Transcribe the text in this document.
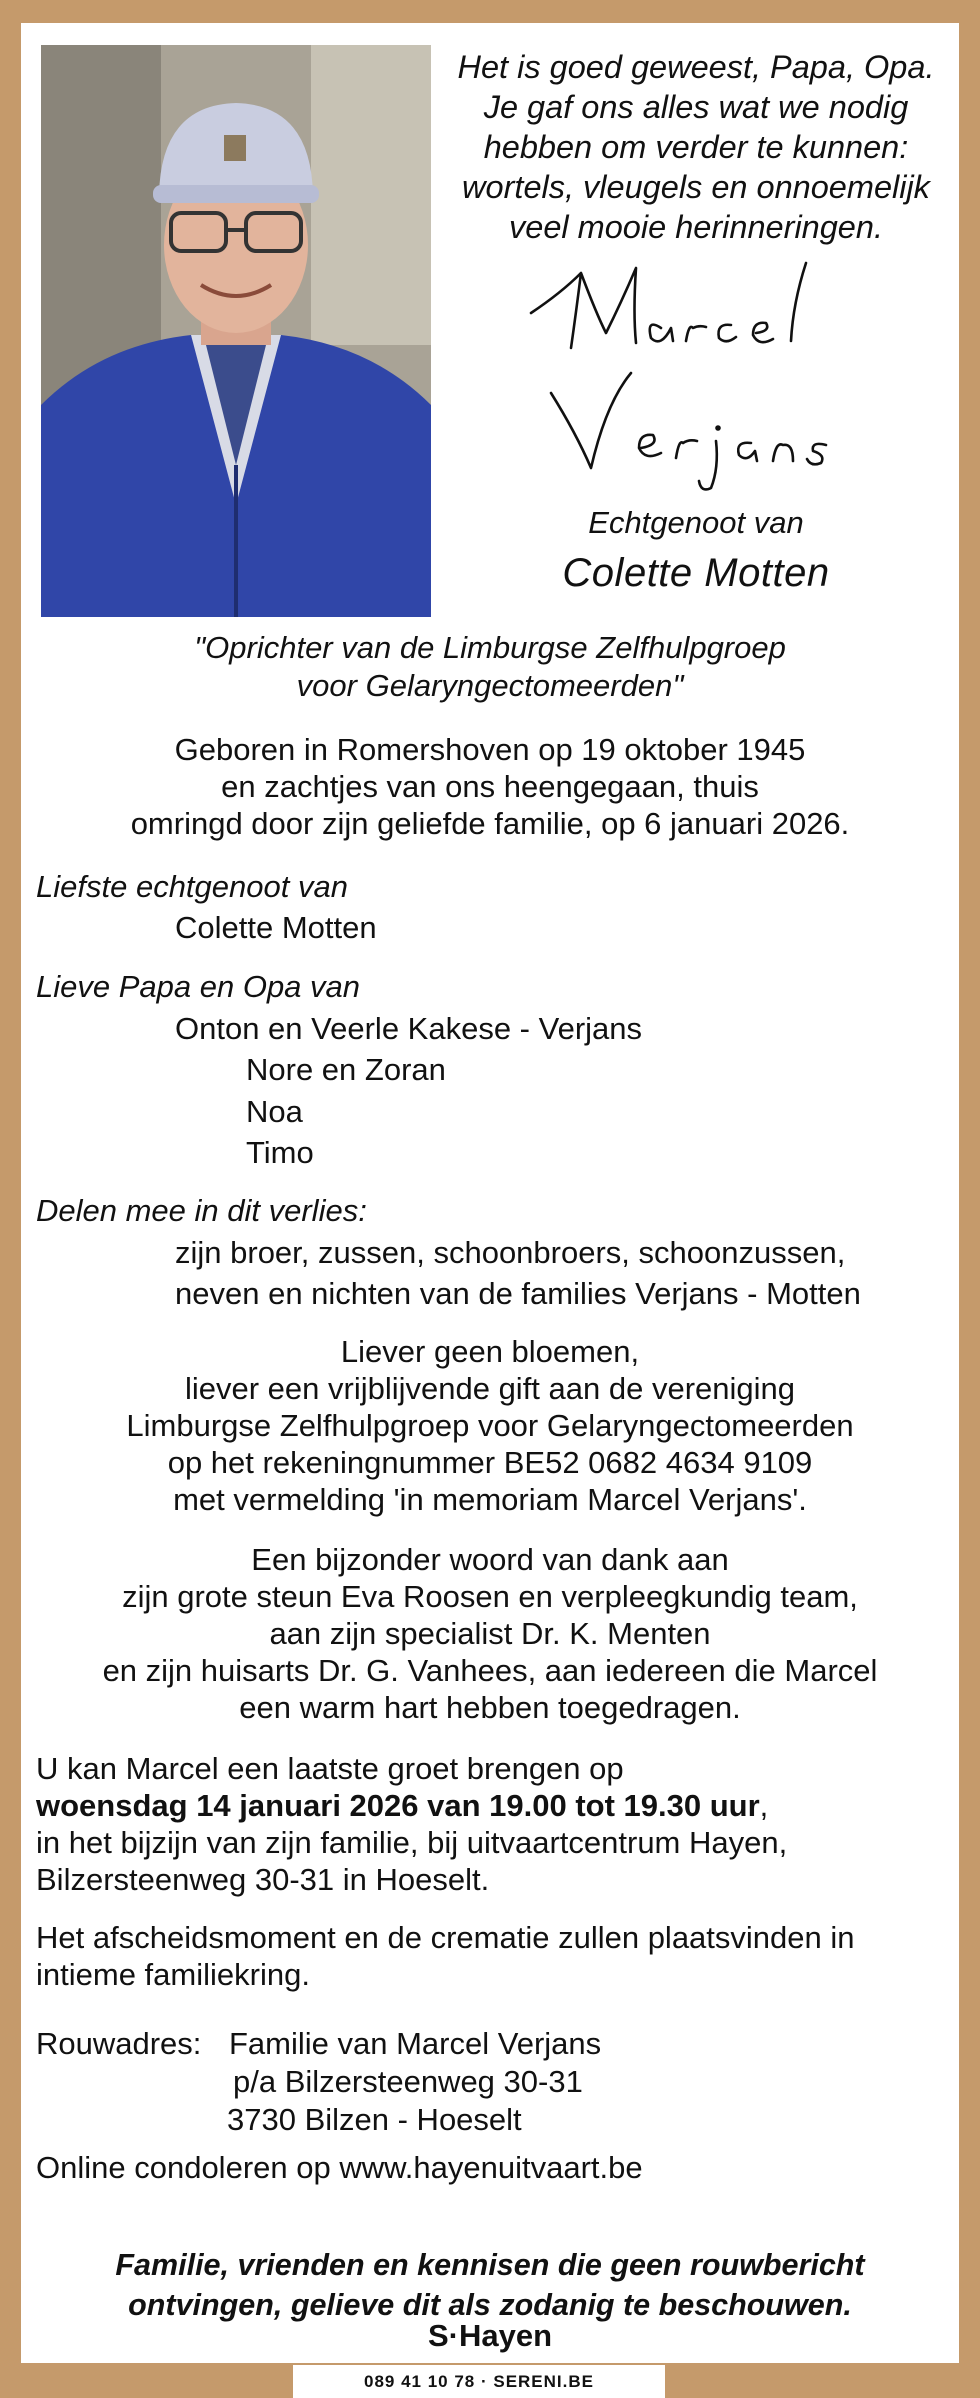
Het is goed geweest, Papa, Opa.
Je gaf ons alles wat we nodig
hebben om verder te kunnen:
wortels, vleugels en onnoemelijk
veel mooie herinneringen.
Echtgenoot van
Colette Motten
"Oprichter van de Limburgse Zelfhulpgroep
voor Gelaryngectomeerden"
Geboren in Romershoven op 19 oktober 1945
en zachtjes van ons heengegaan, thuis
omringd door zijn geliefde familie, op 6 januari 2026.
Liefste echtgenoot van
Colette Motten
Lieve Papa en Opa van
Onton en Veerle Kakese - Verjans
Nore en Zoran
Noa
Timo
Delen mee in dit verlies:
zijn broer, zussen, schoonbroers, schoonzussen,
neven en nichten van de families Verjans - Motten
Liever geen bloemen,
liever een vrijblijvende gift aan de vereniging
Limburgse Zelfhulpgroep voor Gelaryngectomeerden
op het rekeningnummer BE52 0682 4634 9109
met vermelding 'in memoriam Marcel Verjans'.
Een bijzonder woord van dank aan
zijn grote steun Eva Roosen en verpleegkundig team,
aan zijn specialist Dr. K. Menten
en zijn huisarts Dr. G. Vanhees, aan iedereen die Marcel
een warm hart hebben toegedragen.
U kan Marcel een laatste groet brengen op
woensdag 14 januari 2026 van 19.00 tot 19.30 uur,
in het bijzijn van zijn familie, bij uitvaartcentrum Hayen,
Bilzersteenweg 30-31 in Hoeselt.
Het afscheidsmoment en de crematie zullen plaatsvinden in
intieme familiekring.
Rouwadres: Familie van Marcel Verjans
p/a Bilzersteenweg 30-31
3730 Bilzen - Hoeselt
Online condoleren op www.hayenuitvaart.be
Familie, vrienden en kennisen die geen rouwbericht
ontvingen, gelieve dit als zodanig te beschouwen.
S·Hayen
089 41 10 78 · SERENI.BE
